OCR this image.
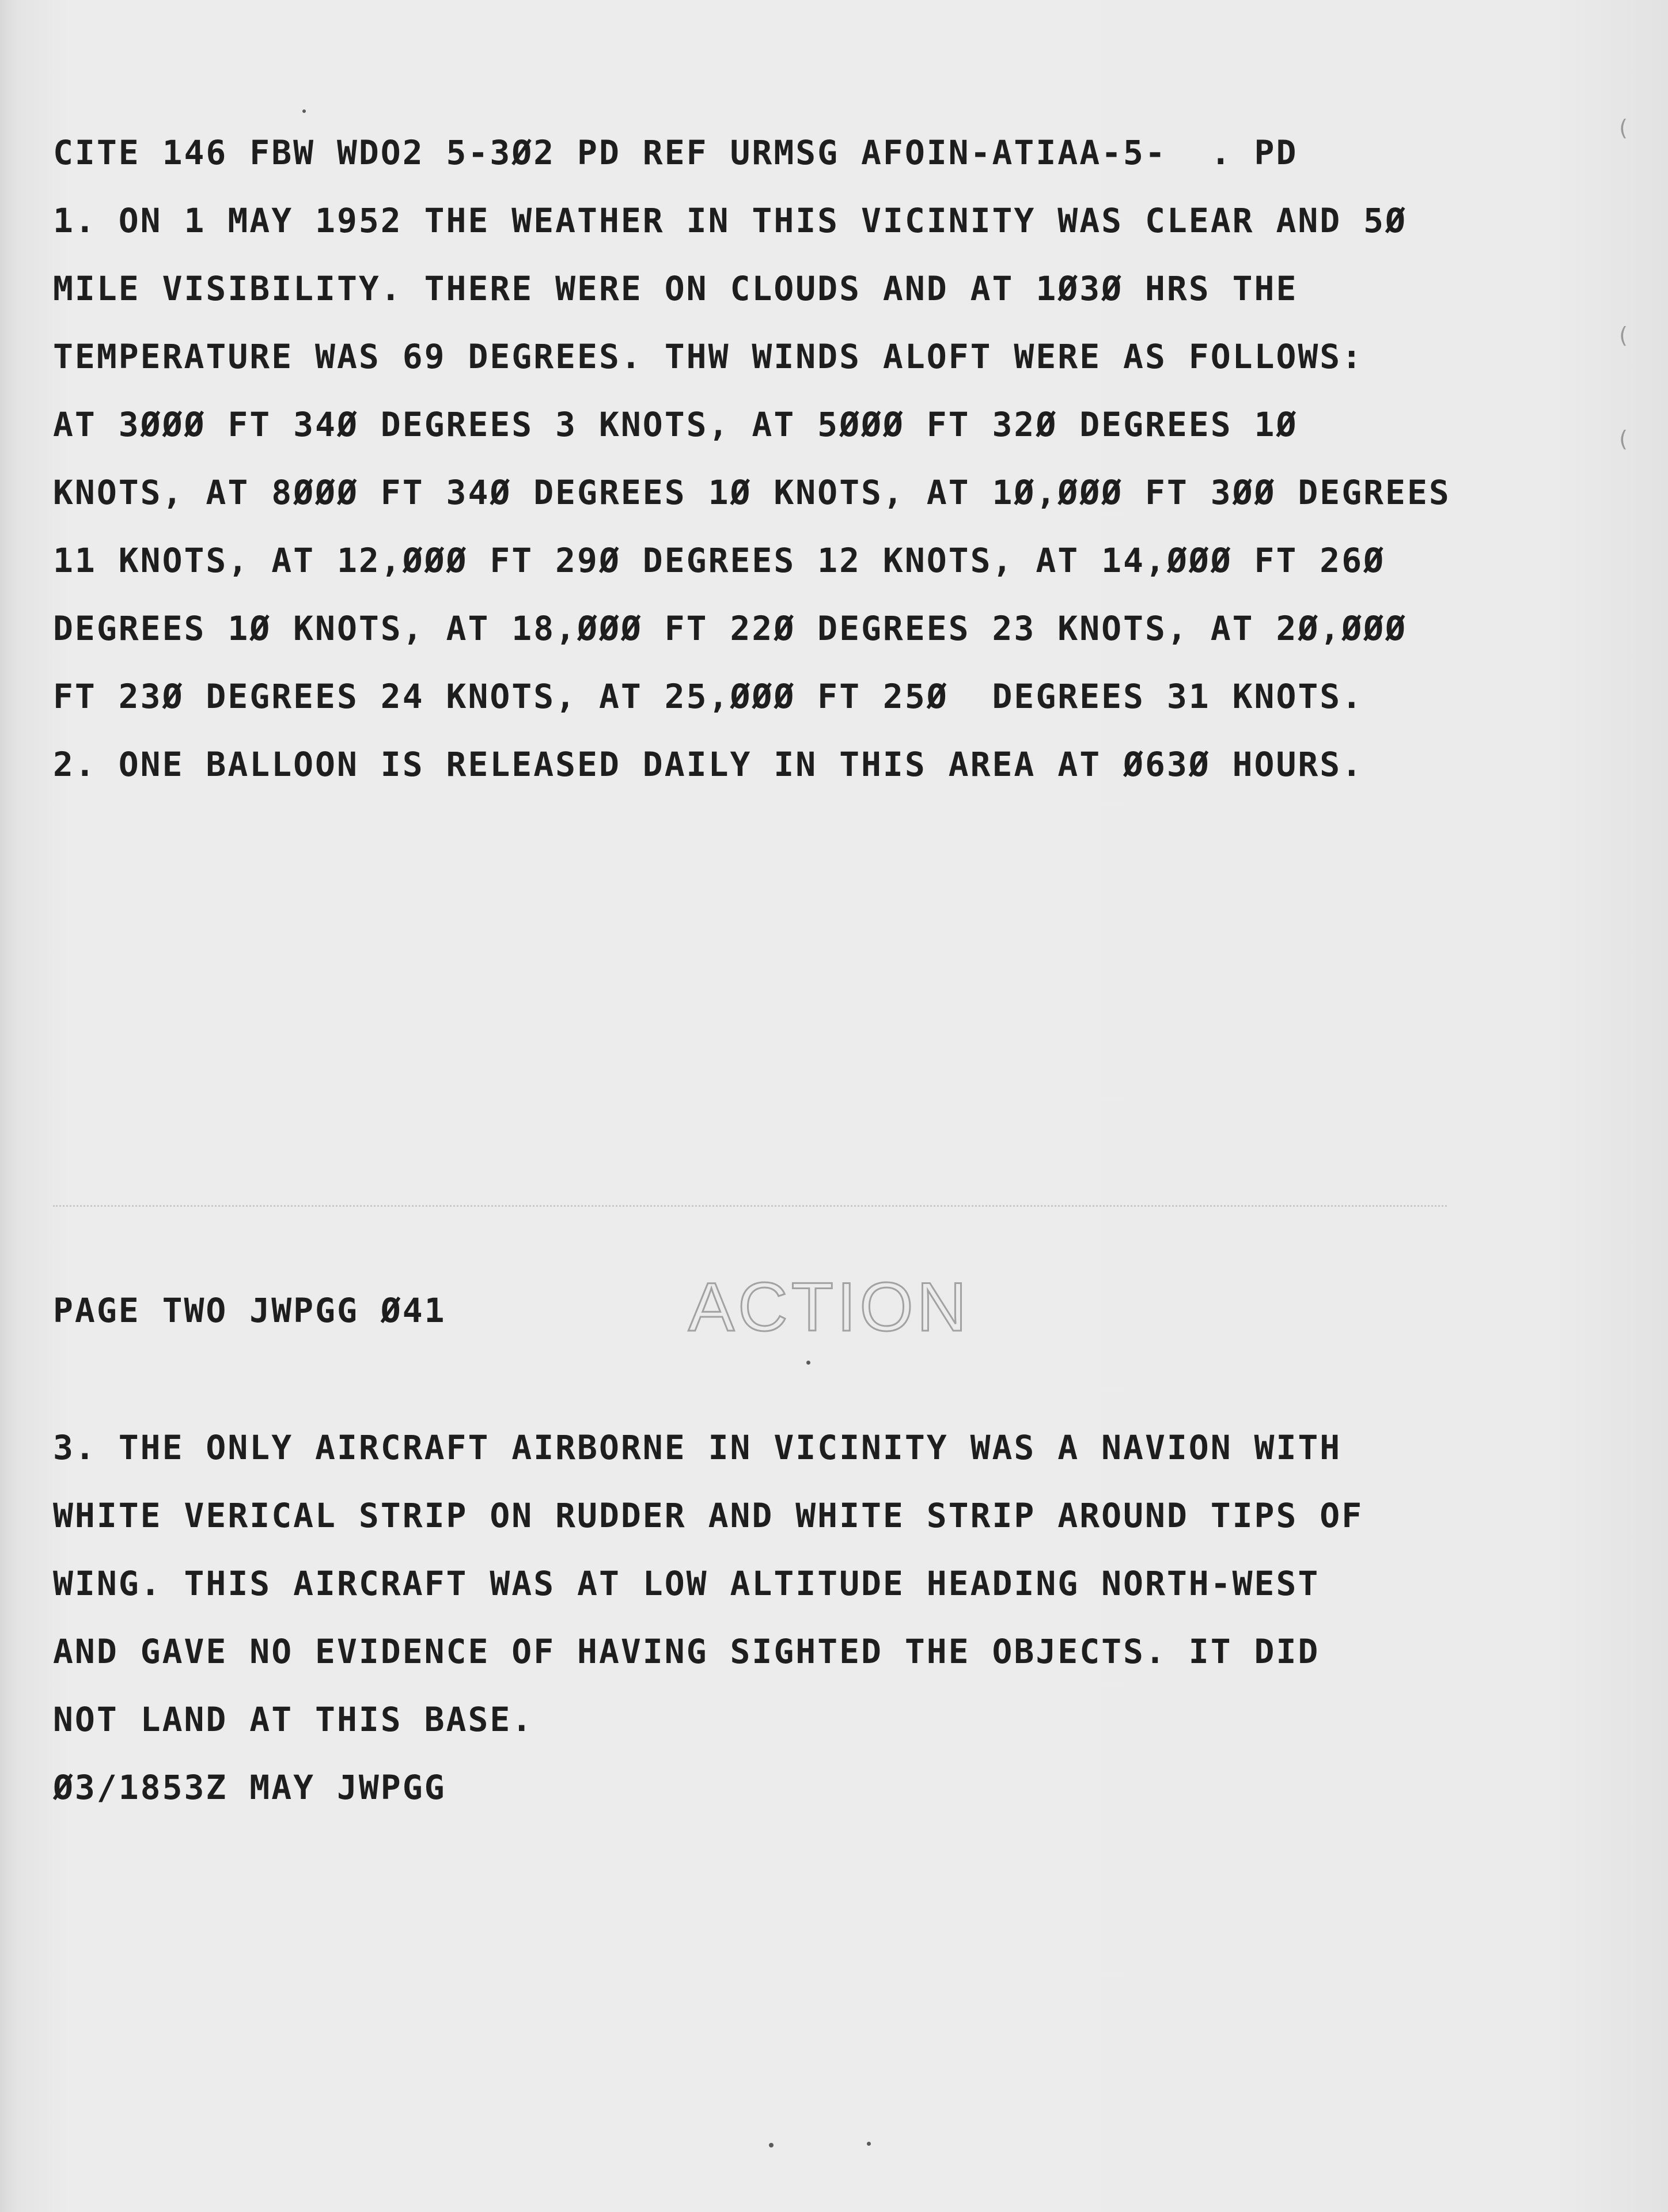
CITE 146 FBW WDO2 5-3Ø2 PD REF URMSG AFOIN-ATIAA-5-  . PD
1. ON 1 MAY 1952 THE WEATHER IN THIS VICINITY WAS CLEAR AND 5Ø
MILE VISIBILITY. THERE WERE ON CLOUDS AND AT 1Ø3Ø HRS THE
TEMPERATURE WAS 69 DEGREES. THW WINDS ALOFT WERE AS FOLLOWS:
AT 3ØØØ FT 34Ø DEGREES 3 KNOTS, AT 5ØØØ FT 32Ø DEGREES 1Ø
KNOTS, AT 8ØØØ FT 34Ø DEGREES 1Ø KNOTS, AT 1Ø,ØØØ FT 3ØØ DEGREES
11 KNOTS, AT 12,ØØØ FT 29Ø DEGREES 12 KNOTS, AT 14,ØØØ FT 26Ø
DEGREES 1Ø KNOTS, AT 18,ØØØ FT 22Ø DEGREES 23 KNOTS, AT 2Ø,ØØØ
FT 23Ø DEGREES 24 KNOTS, AT 25,ØØØ FT 25Ø  DEGREES 31 KNOTS.
2. ONE BALLOON IS RELEASED DAILY IN THIS AREA AT Ø63Ø HOURS.
PAGE TWO JWPGG Ø41	ACTION
3. THE ONLY AIRCRAFT AIRBORNE IN VICINITY WAS A NAVION WITH
WHITE VERICAL STRIP ON RUDDER AND WHITE STRIP AROUND TIPS OF
WING. THIS AIRCRAFT WAS AT LOW ALTITUDE HEADING NORTH-WEST
AND GAVE NO EVIDENCE OF HAVING SIGHTED THE OBJECTS. IT DID
NOT LAND AT THIS BASE.
Ø3/1853Z MAY JWPGG
(
(
(
